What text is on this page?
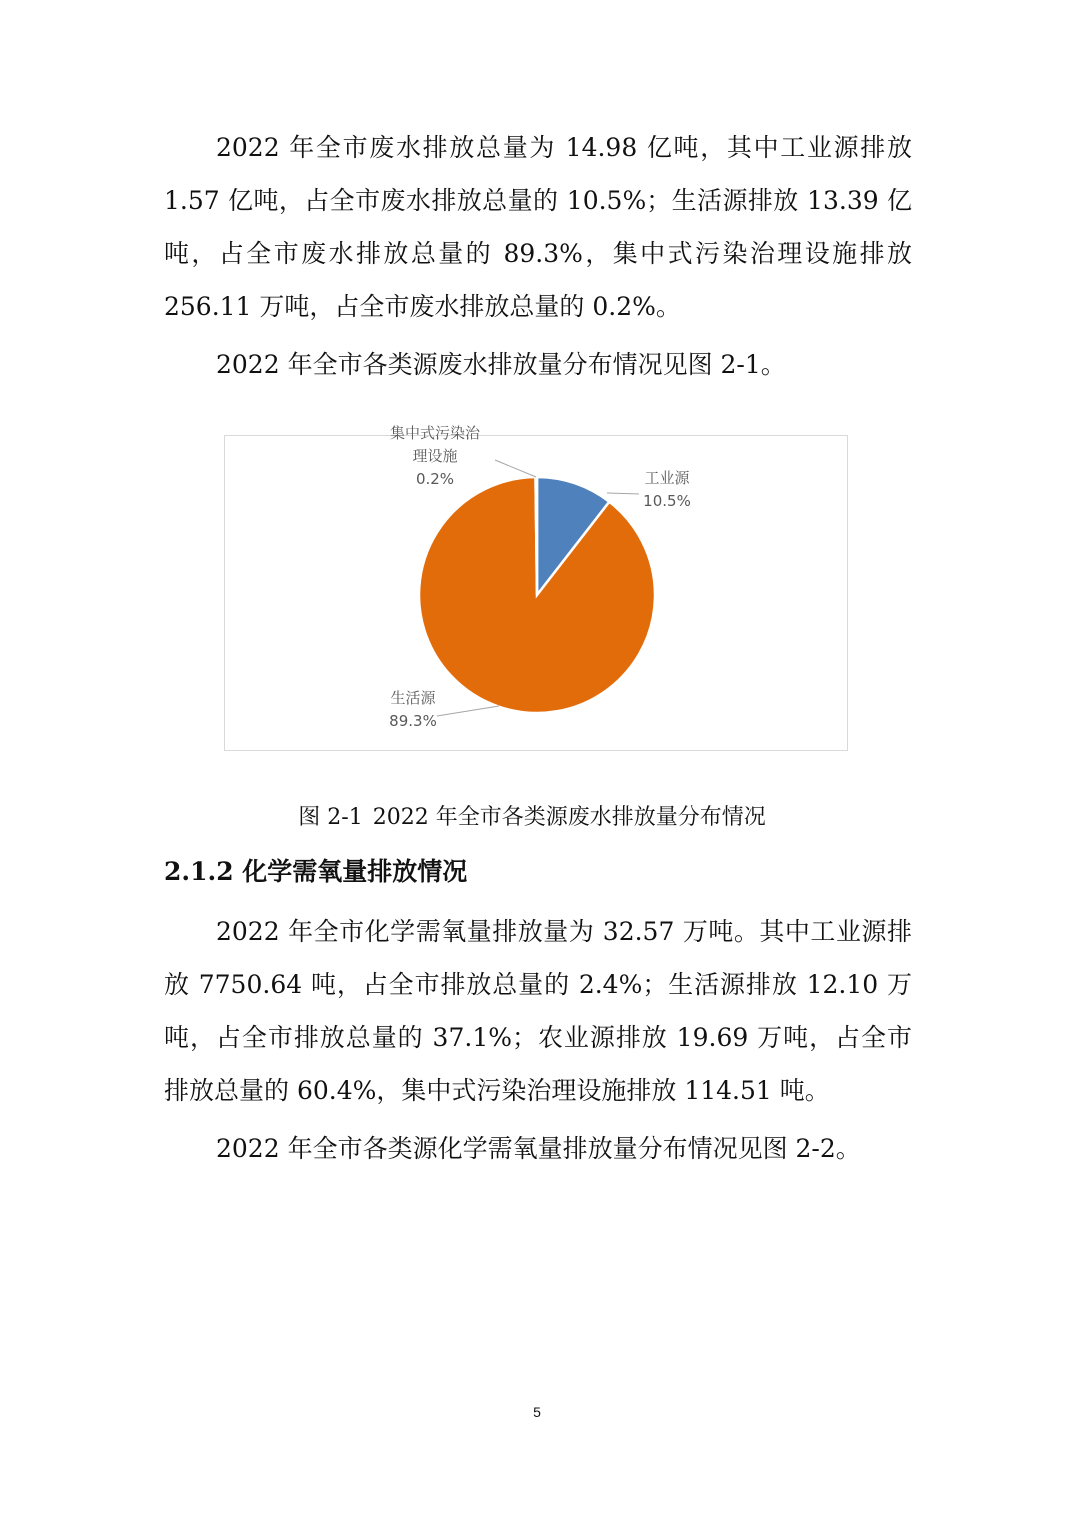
2022 年全市废水排放总量为 14.98 亿吨，其中工业源排放 1.57 亿吨，占全市废水排放总量的 10.5%；生活源排放 13.39 亿吨，占全市废水排放总量的 89.3%，集中式污染治理设施排放 256.11 万吨，占全市废水排放总量的 0.2%。

2022 年全市各类源废水排放量分布情况见图 2-1。

工业源 10.5%
生活源 89.3%
集中式污染治理设施 0.2%

图 2-1 2022 年全市各类源废水排放量分布情况

2.1.2 化学需氧量排放情况

2022 年全市化学需氧量排放量为 32.57 万吨。其中工业源排放 7750.64 吨，占全市排放总量的 2.4%；生活源排放 12.10 万吨，占全市排放总量的 37.1%；农业源排放 19.69 万吨，占全市排放总量的 60.4%，集中式污染治理设施排放 114.51 吨。

2022 年全市各类源化学需氧量排放量分布情况见图 2-2。

5
